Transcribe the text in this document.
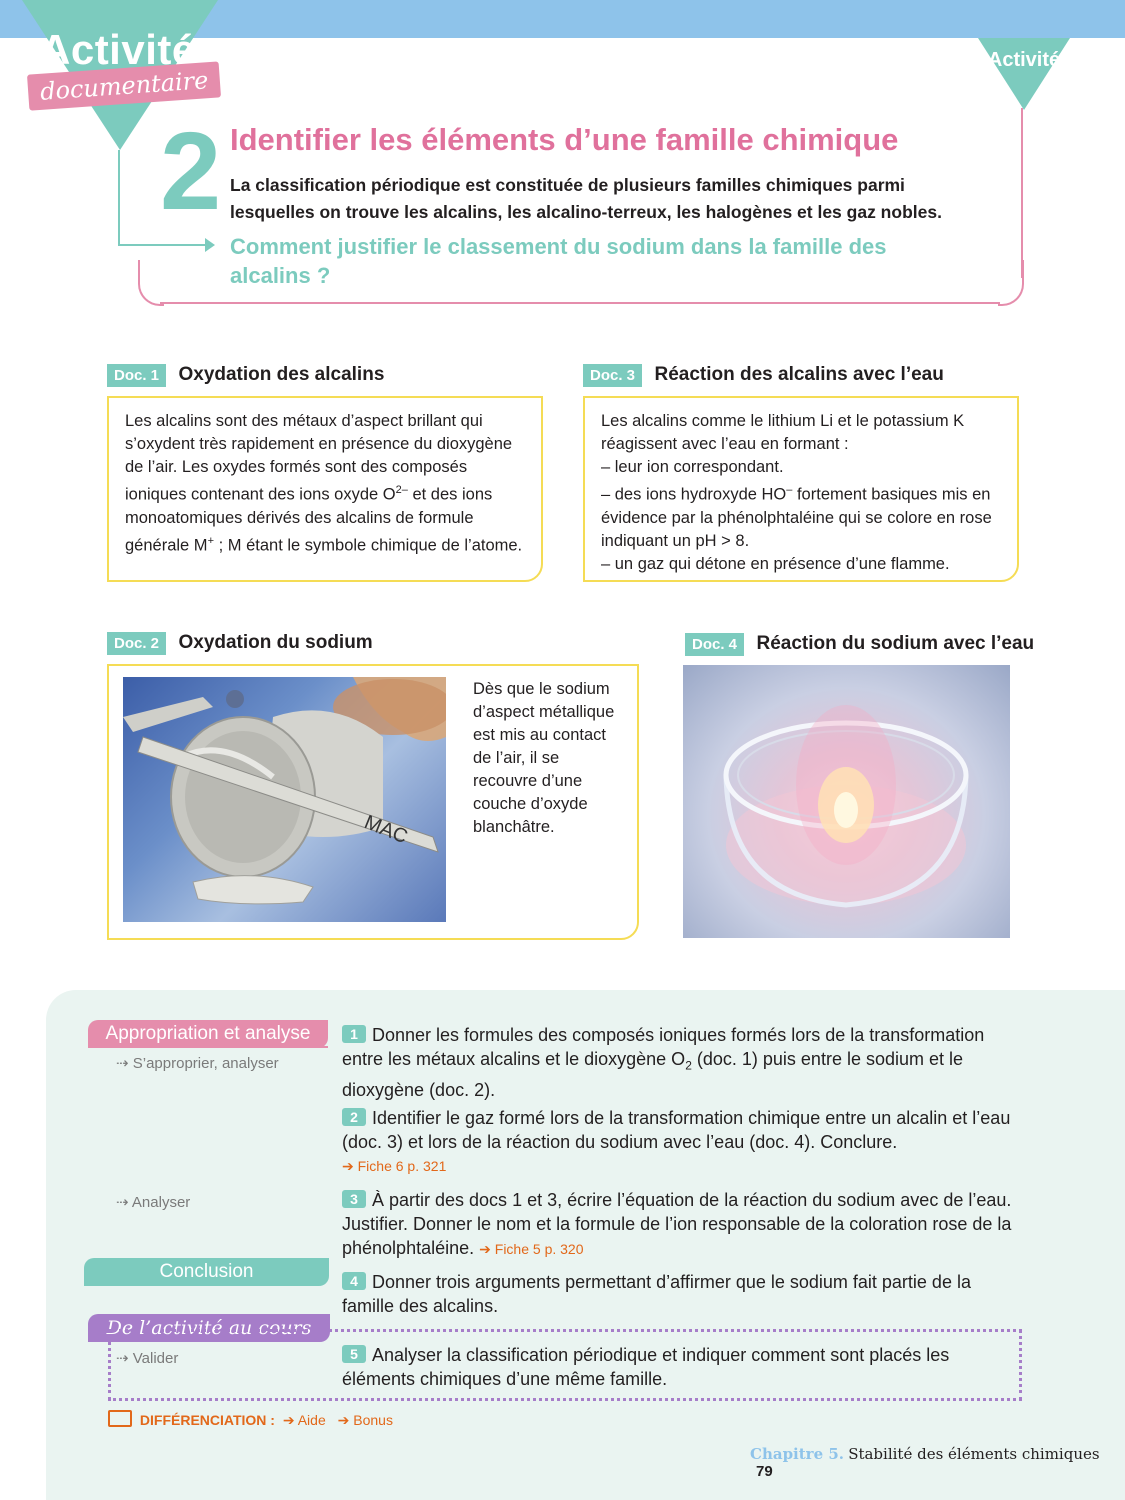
Activité
documentaire
Activité
2 Identifier les éléments d’une famille chimique
La classification périodique est constituée de plusieurs familles chimiques parmi lesquelles on trouve les alcalins, les alcalino-terreux, les halogènes et les gaz nobles.
Comment justifier le classement du sodium dans la famille des alcalins ?
Doc. 1 Oxydation des alcalins
Les alcalins sont des métaux d’aspect brillant qui s’oxydent très rapidement en présence du dioxygène de l’air. Les oxydes formés sont des composés ioniques contenant des ions oxyde $O^{2-}$ et des ions monoatomiques dérivés des alcalins de formule générale M+ ; M étant le symbole chimique de l’atome.
Doc. 3 Réaction des alcalins avec l’eau
Les alcalins comme le lithium Li et le potassium K réagissent avec l’eau en formant :
– leur ion correspondant.
– des ions hydroxyde HO– fortement basiques mis en évidence par la phénolphtaléine qui se colore en rose indiquant un pH > 8.
– un gaz qui détone en présence d’une flamme.
Doc. 2 Oxydation du sodium
MAC
Dès que le sodium d’aspect métallique est mis au contact de l’air, il se recouvre d’une couche d’oxyde blanchâtre.
Doc. 4 Réaction du sodium avec l’eau
Appropriation et analyse
⇢ S’approprier, analyser
⇢ Analyser
Conclusion
De l’activité au cours
⇢ Valider
1 Donner les formules des composés ioniques formés lors de la transformation entre les métaux alcalins et le dioxygène $O_2$ (doc. 1) puis entre le sodium et le dioxygène (doc. 2).
2 Identifier le gaz formé lors de la transformation chimique entre un alcalin et l’eau (doc. 3) et lors de la réaction du sodium avec l’eau (doc. 4). Conclure.
➔ Fiche 6 p. 321
3 À partir des docs 1 et 3, écrire l’équation de la réaction du sodium avec de l’eau. Justifier. Donner le nom et la formule de l’ion responsable de la coloration rose de la phénolphtaléine. ➔ Fiche 5 p. 320
4 Donner trois arguments permettant d’affirmer que le sodium fait partie de la famille des alcalins.
5 Analyser la classification périodique et indiquer comment sont placés les éléments chimiques d’une même famille.
DIFFÉRENCIATION : ➔ Aide ➔ Bonus
Chapitre 5. Stabilité des éléments chimiques 79
